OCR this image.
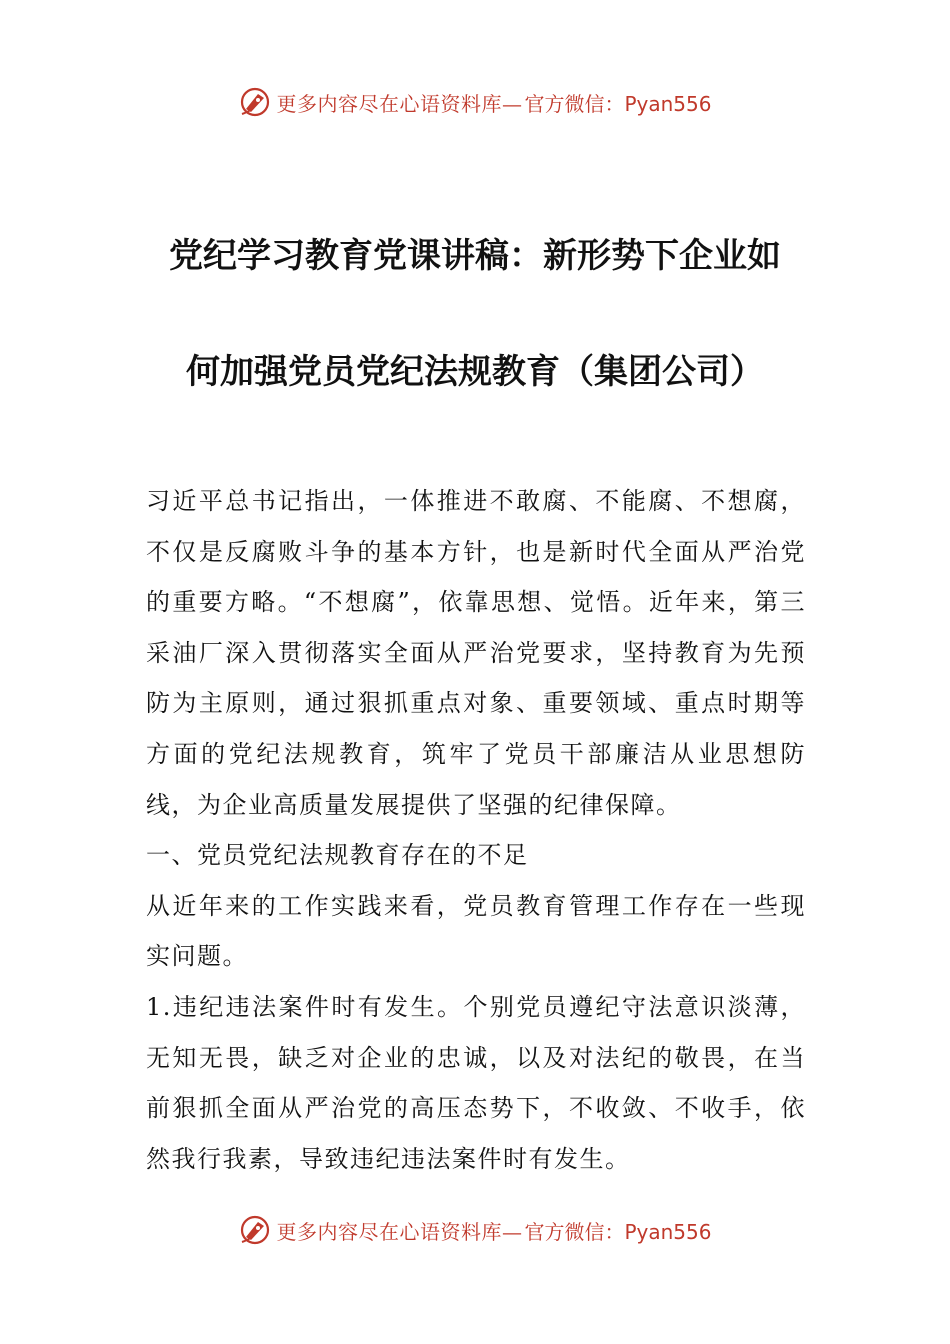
更多内容尽在心语资料库— 官方微信：Pyan556
党纪学习教育党课讲稿：新形势下企业如
何加强党员党纪法规教育（集团公司）

习近平总书记指出，一体推进不敢腐、不能腐、不想腐，不仅是反腐败斗争的基本方针，也是新时代全面从严治党的重要方略。“不想腐”，依靠思想、觉悟。近年来，第三采油厂深入贯彻落实全面从严治党要求，坚持教育为先预防为主原则，通过狠抓重点对象、重要领域、重点时期等方面的党纪法规教育，筑牢了党员干部廉洁从业思想防线，为企业高质量发展提供了坚强的纪律保障。

一、党员党纪法规教育存在的不足

从近年来的工作实践来看，党员教育管理工作存在一些现实问题。

1.违纪违法案件时有发生。个别党员遵纪守法意识淡薄，无知无畏，缺乏对企业的忠诚，以及对法纪的敬畏，在当前狠抓全面从严治党的高压态势下，不收敛、不收手，依然我行我素，导致违纪违法案件时有发生。

更多内容尽在心语资料库— 官方微信：Pyan556
